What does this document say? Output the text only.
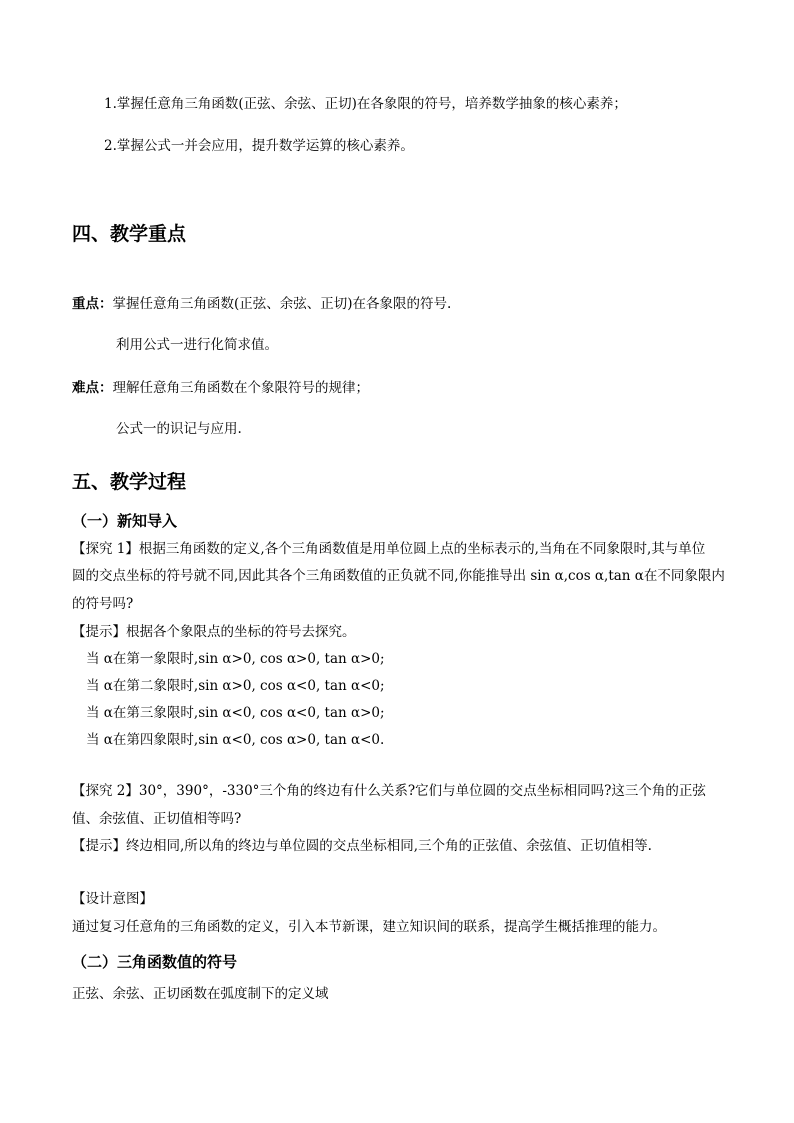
1.掌握任意角三角函数(正弦、余弦、正切)在各象限的符号，培养数学抽象的核心素养；
2.掌握公式一并会应用，提升数学运算的核心素养。
四、教学重点
重点：掌握任意角三角函数(正弦、余弦、正切)在各象限的符号.
利用公式一进行化简求值。
难点：理解任意角三角函数在个象限符号的规律；
公式一的识记与应用.
五、教学过程
（一）新知导入
【探究 1】根据三角函数的定义,各个三角函数值是用单位圆上点的坐标表示的,当角在不同象限时,其与单位
圆的交点坐标的符号就不同,因此其各个三角函数值的正负就不同,你能推导出 sin α,cos α,tan α在不同象限内
的符号吗?
【提示】根据各个象限点的坐标的符号去探究。
当 α在第一象限时,sin α>0, cos α>0, tan α>0;
当 α在第二象限时,sin α>0, cos α<0, tan α<0;
当 α在第三象限时,sin α<0, cos α<0, tan α>0;
当 α在第四象限时,sin α<0, cos α>0, tan α<0.
【探究 2】30°，390°，-330°三个角的终边有什么关系?它们与单位圆的交点坐标相同吗?这三个角的正弦
值、余弦值、正切值相等吗?
【提示】终边相同,所以角的终边与单位圆的交点坐标相同,三个角的正弦值、余弦值、正切值相等.
【设计意图】
通过复习任意角的三角函数的定义，引入本节新课，建立知识间的联系，提高学生概括推理的能力。
（二）三角函数值的符号
正弦、余弦、正切函数在弧度制下的定义域
